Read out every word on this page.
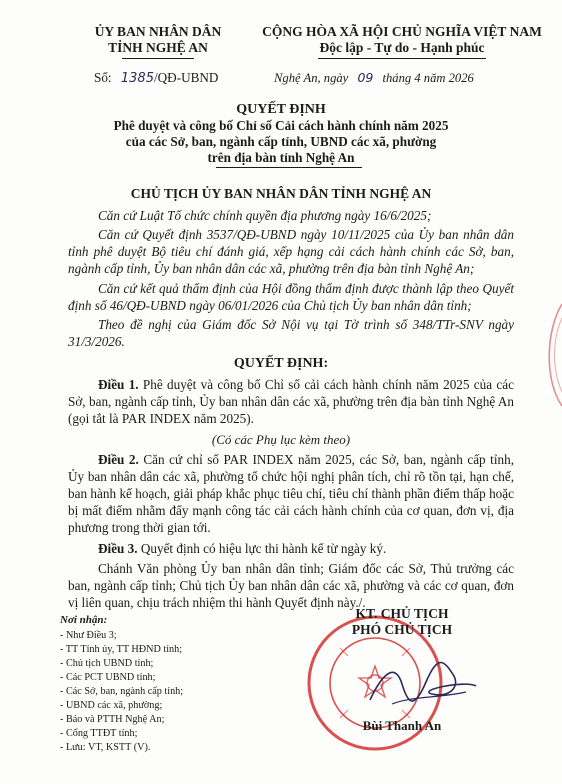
ỦY BAN NHÂN DÂN
TỈNH NGHỆ AN
CỘNG HÒA XÃ HỘI CHỦ NGHĨA VIỆT NAM
Độc lập - Tự do - Hạnh phúc
Số: 1385/QĐ-UBND	Nghệ An, ngày 09 tháng 4 năm 2026
QUYẾT ĐỊNH
Phê duyệt và công bố Chỉ số Cải cách hành chính năm 2025
của các Sở, ban, ngành cấp tỉnh, UBND các xã, phường
trên địa bàn tỉnh Nghệ An
CHỦ TỊCH ỦY BAN NHÂN DÂN TỈNH NGHỆ AN
Căn cứ Luật Tổ chức chính quyền địa phương ngày 16/6/2025;
Căn cứ Quyết định 3537/QĐ-UBND ngày 10/11/2025 của Ủy ban nhân dân tỉnh phê duyệt Bộ tiêu chí đánh giá, xếp hạng cải cách hành chính các Sở, ban, ngành cấp tỉnh, Ủy ban nhân dân các xã, phường trên địa bàn tỉnh Nghệ An;
Căn cứ kết quả thẩm định của Hội đồng thẩm định được thành lập theo Quyết định số 46/QĐ-UBND ngày 06/01/2026 của Chủ tịch Ủy ban nhân dân tỉnh;
Theo đề nghị của Giám đốc Sở Nội vụ tại Tờ trình số 348/TTr-SNV ngày 31/3/2026.
QUYẾT ĐỊNH:
Điều 1. Phê duyệt và công bố Chỉ số cải cách hành chính năm 2025 của các Sở, ban, ngành cấp tỉnh, Ủy ban nhân dân các xã, phường trên địa bàn tỉnh Nghệ An (gọi tắt là PAR INDEX năm 2025).
(Có các Phụ lục kèm theo)
Điều 2. Căn cứ chỉ số PAR INDEX năm 2025, các Sở, ban, ngành cấp tỉnh, Ủy ban nhân dân các xã, phường tổ chức hội nghị phân tích, chỉ rõ tồn tại, hạn chế, ban hành kế hoạch, giải pháp khắc phục tiêu chí, tiêu chí thành phần điểm thấp hoặc bị mất điểm nhằm đẩy mạnh công tác cải cách hành chính của cơ quan, đơn vị, địa phương trong thời gian tới.
Điều 3. Quyết định có hiệu lực thi hành kể từ ngày ký.
Chánh Văn phòng Ủy ban nhân dân tỉnh; Giám đốc các Sở, Thủ trưởng các ban, ngành cấp tỉnh; Chủ tịch Ủy ban nhân dân các xã, phường và các cơ quan, đơn vị liên quan, chịu trách nhiệm thi hành Quyết định này./.
Nơi nhận:
- Như Điều 3;
- TT Tỉnh ủy, TT HĐND tỉnh;
- Chủ tịch UBND tỉnh;
- Các PCT UBND tỉnh;
- Các Sở, ban, ngành cấp tỉnh;
- UBND các xã, phường;
- Báo và PTTH Nghệ An;
- Cổng TTĐT tỉnh;
- Lưu: VT, KSTT (V).
KT. CHỦ TỊCH
PHÓ CHỦ TỊCH
Bùi Thanh An
